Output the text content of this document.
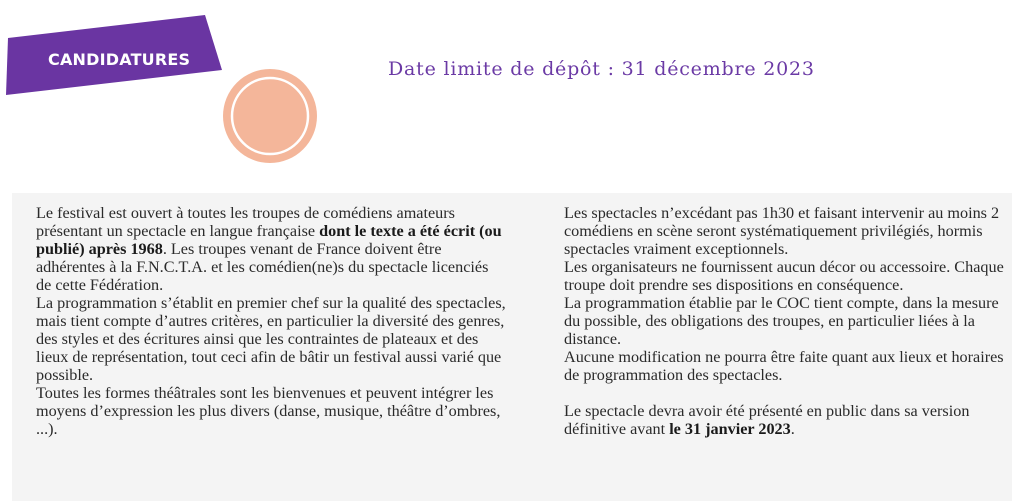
CANDIDATURES	Date limite de dépôt : 31 décembre 2023

Le festival est ouvert à toutes les troupes de comédiens amateurs présentant un spectacle en langue française dont le texte a été écrit (ou publié) après 1968. Les troupes venant de France doivent être adhérentes à la F.N.C.T.A. et les comédien(ne)s du spectacle licenciés de cette Fédération.

La programmation s’établit en premier chef sur la qualité des spectacles, mais tient compte d’autres critères, en particulier la diversité des genres, des styles et des écritures ainsi que les contraintes de plateaux et des lieux de représentation, tout ceci afin de bâtir un festival aussi varié que possible.

Toutes les formes théâtrales sont les bienvenues et peuvent intégrer les moyens d’expression les plus divers (danse, musique, théâtre d’ombres, ...).

Les spectacles n’excédant pas 1h30 et faisant intervenir au moins 2 comédiens en scène seront systématiquement privilégiés, hormis spectacles vraiment exceptionnels.

Les organisateurs ne fournissent aucun décor ou accessoire. Chaque troupe doit prendre ses dispositions en conséquence.

La programmation établie par le COC tient compte, dans la mesure du possible, des obligations des troupes, en particulier liées à la distance.

Aucune modification ne pourra être faite quant aux lieux et horaires de programmation des spectacles.

Le spectacle devra avoir été présenté en public dans sa version définitive avant le 31 janvier 2023.
